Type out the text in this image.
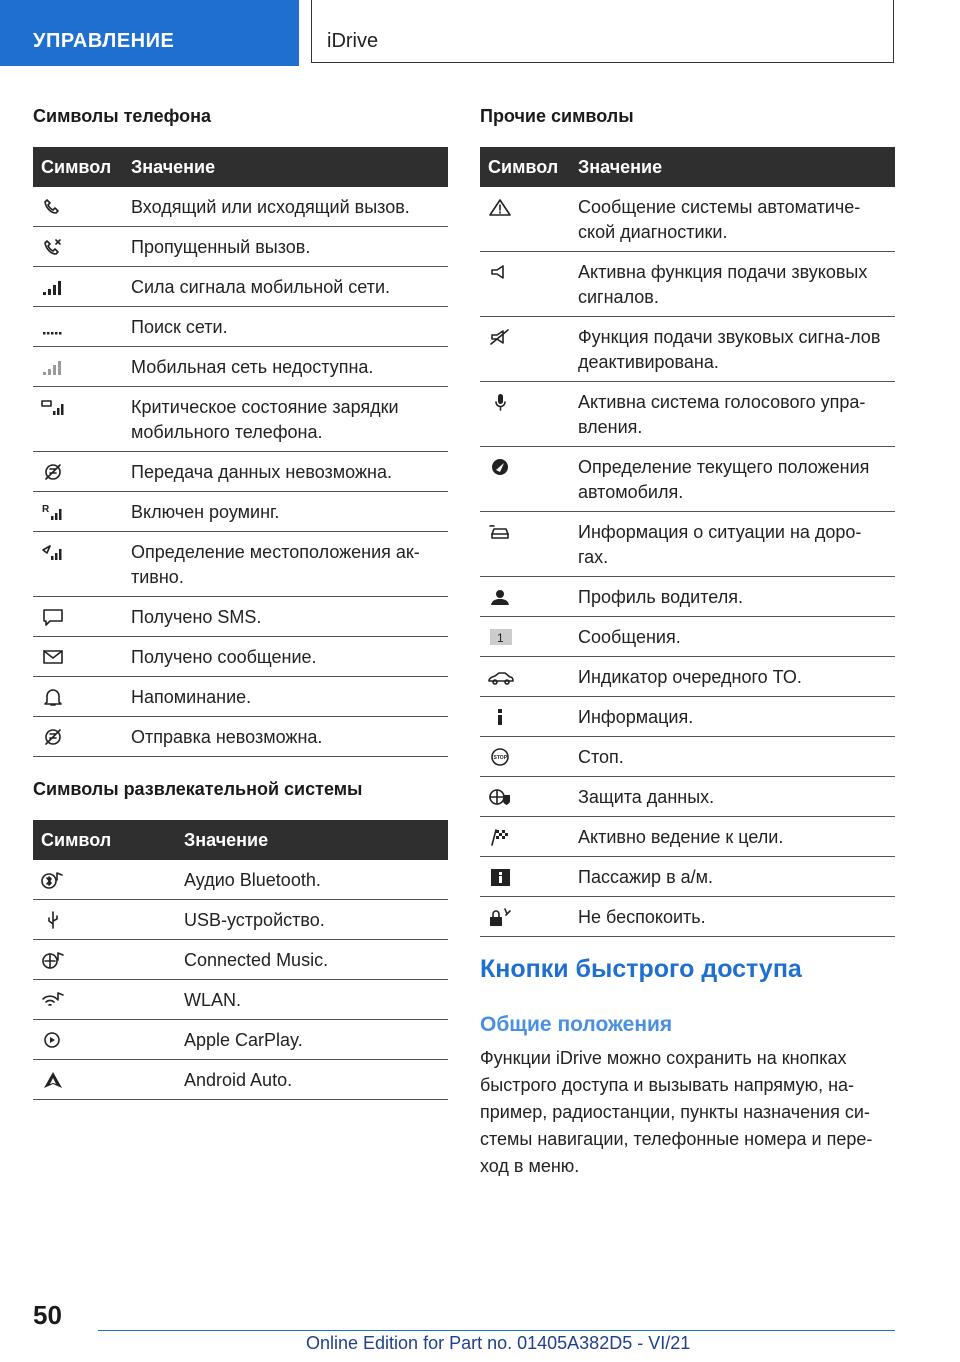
УПРАВЛЕНИЕ	iDrive
Символы телефона
Символ	Значение

	Входящий или исходящий вызов.

	Пропущенный вызов.

	Сила сигнала мобильной сети.

	Поиск сети.

	Мобильная сеть недоступна.

	Критическое состояние зарядки мобильного телефона.

	Передача данных невозможна.

R	Включен роуминг.

	Определение местоположения ак-тивно.

	Получено SMS.

	Получено сообщение.

	Напоминание.

	Отправка невозможна.
Символы развлекательной системы
Символ	Значение

	Аудио Bluetooth.

	USB-устройство.

	Connected Music.

	WLAN.

	Apple CarPlay.

	Android Auto.
Прочие символы
Символ	Значение

	Сообщение системы автоматиче-ской диагностики.

	Активна функция подачи звуковых сигналов.

	Функция подачи звуковых сигна-лов деактивирована.

	Активна система голосового упра-вления.

	Определение текущего положения автомобиля.

	Информация о ситуации на доро-гах.

	Профиль водителя.

1	Сообщения.

	Индикатор очередного ТО.

	Информация.

STOP	Стоп.

	Защита данных.

	Активно ведение к цели.

	Пассажир в а/м.

	Не беспокоить.
Кнопки быстрого доступа
Общие положения
Функции iDrive можно сохранить на кнопках быстрого доступа и вызывать напрямую, на-пример, радиостанции, пункты назначения си-стемы навигации, телефонные номера и пере-ход в меню.
50
Online Edition for Part no. 01405A382D5 - VI/21
